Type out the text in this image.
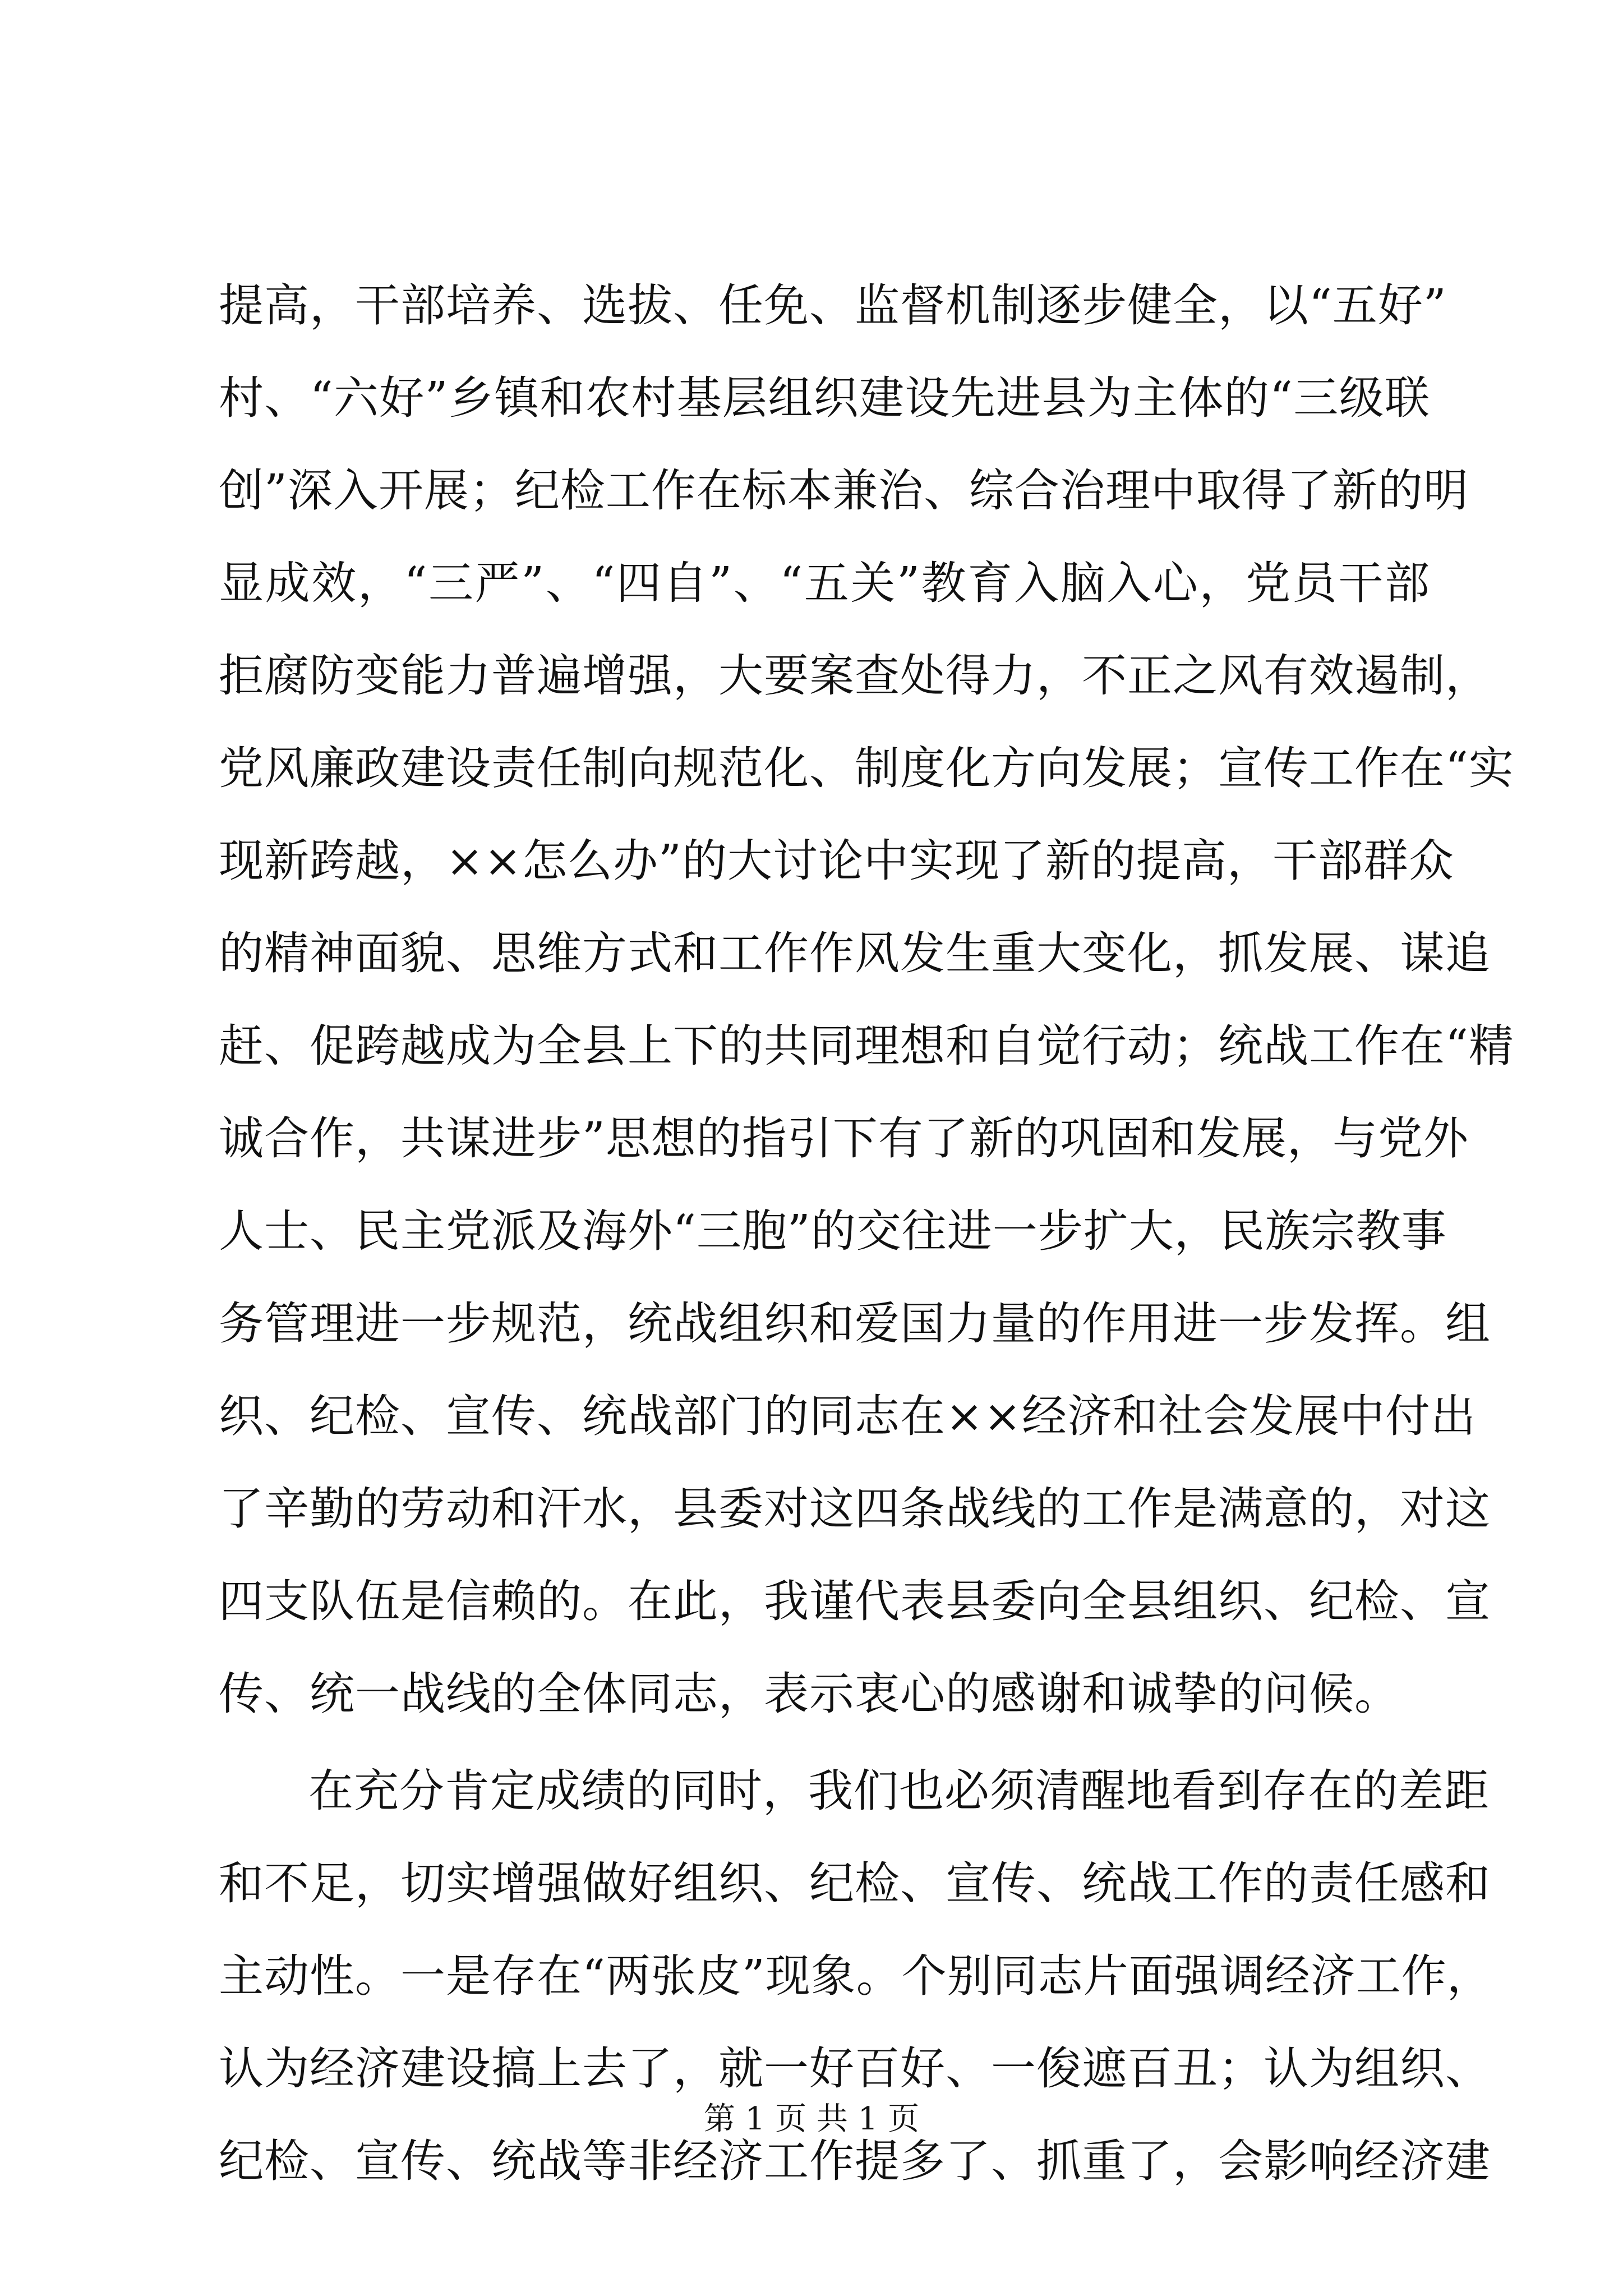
提高，干部培养、选拔、任免、监督机制逐步健全，以“五好”
村、“六好”乡镇和农村基层组织建设先进县为主体的“三级联
创”深入开展；纪检工作在标本兼治、综合治理中取得了新的明
显成效，“三严”、“四自”、“五关”教育入脑入心，党员干部
拒腐防变能力普遍增强，大要案查处得力，不正之风有效遏制，
党风廉政建设责任制向规范化、制度化方向发展；宣传工作在“实
现新跨越，××怎么办”的大讨论中实现了新的提高，干部群众
的精神面貌、思维方式和工作作风发生重大变化，抓发展、谋追
赶、促跨越成为全县上下的共同理想和自觉行动；统战工作在“精
诚合作，共谋进步”思想的指引下有了新的巩固和发展，与党外
人士、民主党派及海外“三胞”的交往进一步扩大，民族宗教事
务管理进一步规范，统战组织和爱国力量的作用进一步发挥。组
织、纪检、宣传、统战部门的同志在××经济和社会发展中付出
了辛勤的劳动和汗水，县委对这四条战线的工作是满意的，对这
四支队伍是信赖的。在此，我谨代表县委向全县组织、纪检、宣
传、统一战线的全体同志，表示衷心的感谢和诚挚的问候。
在充分肯定成绩的同时，我们也必须清醒地看到存在的差距
和不足，切实增强做好组织、纪检、宣传、统战工作的责任感和
主动性。一是存在“两张皮”现象。个别同志片面强调经济工作，
认为经济建设搞上去了，就一好百好、一俊遮百丑；认为组织、
纪检、宣传、统战等非经济工作提多了、抓重了，会影响经济建
第 1 页 共 1 页
